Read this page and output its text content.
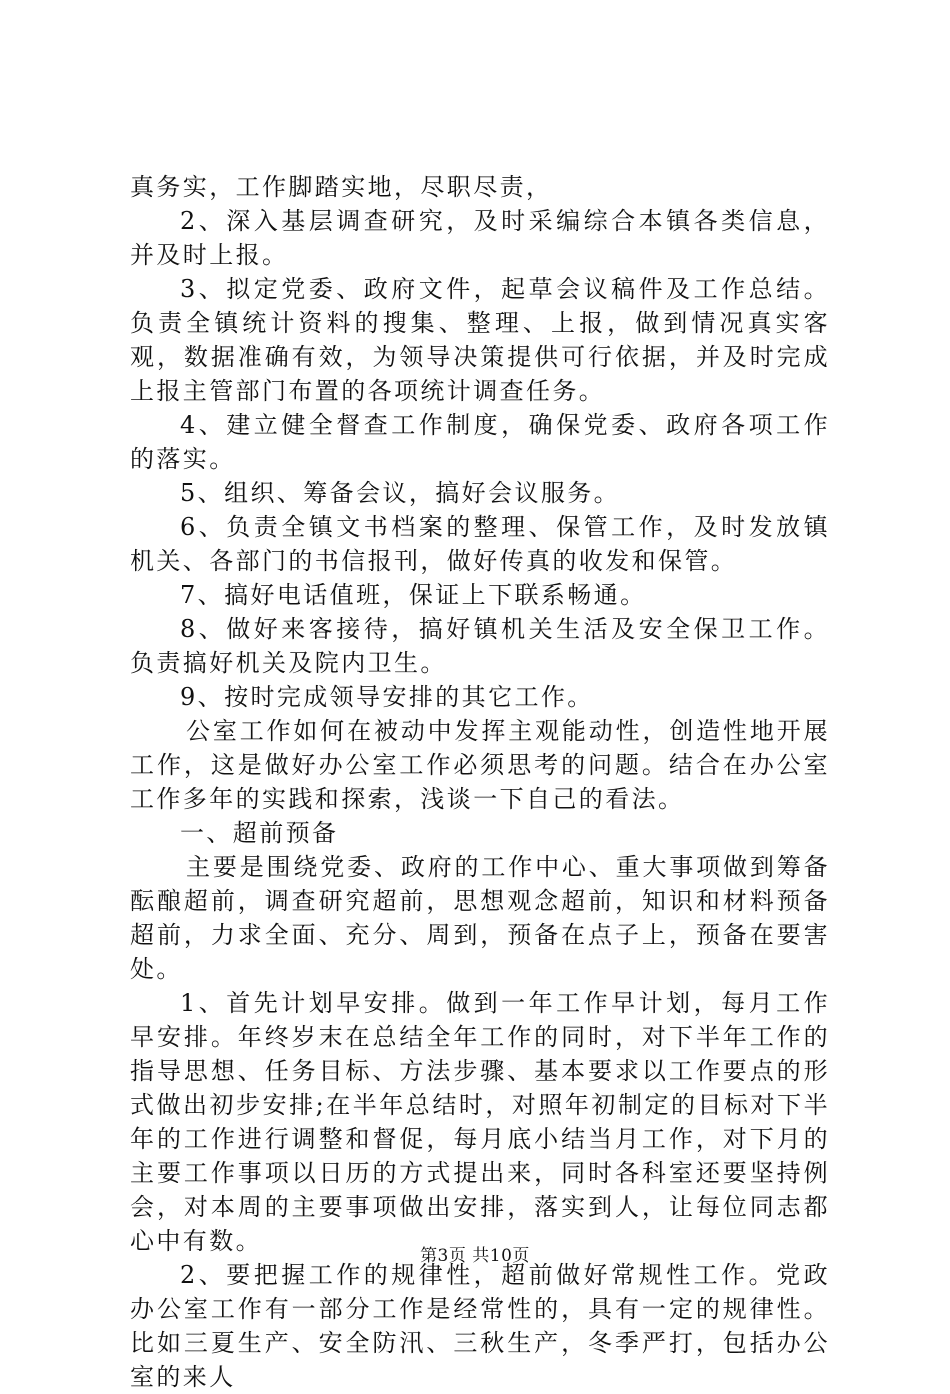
真务实，工作脚踏实地，尽职尽责，

2、深入基层调查研究，及时采编综合本镇各类信息，并及时上报。

3、拟定党委、政府文件，起草会议稿件及工作总结。负责全镇统计资料的搜集、整理、上报，做到情况真实客观，数据准确有效，为领导决策提供可行依据，并及时完成上报主管部门布置的各项统计调查任务。

4、建立健全督查工作制度，确保党委、政府各项工作的落实。

5、组织、筹备会议，搞好会议服务。

6、负责全镇文书档案的整理、保管工作，及时发放镇机关、各部门的书信报刊，做好传真的收发和保管。

7、搞好电话值班，保证上下联系畅通。

8、做好来客接待，搞好镇机关生活及安全保卫工作。负责搞好机关及院内卫生。

9、按时完成领导安排的其它工作。

公室工作如何在被动中发挥主观能动性，创造性地开展工作，这是做好办公室工作必须思考的问题。结合在办公室工作多年的实践和探索，浅谈一下自己的看法。

一、超前预备

主要是围绕党委、政府的工作中心、重大事项做到筹备酝酿超前，调查研究超前，思想观念超前，知识和材料预备超前，力求全面、充分、周到，预备在点子上，预备在要害处。

1、首先计划早安排。做到一年工作早计划，每月工作早安排。年终岁末在总结全年工作的同时，对下半年工作的指导思想、任务目标、方法步骤、基本要求以工作要点的形式做出初步安排;在半年总结时，对照年初制定的目标对下半年的工作进行调整和督促，每月底小结当月工作，对下月的主要工作事项以日历的方式提出来，同时各科室还要坚持例会，对本周的主要事项做出安排，落实到人，让每位同志都心中有数。

2、要把握工作的规律性，超前做好常规性工作。党政办公室工作有一部分工作是经常性的，具有一定的规律性。比如三夏生产、安全防汛、三秋生产，冬季严打，包括办公室的来人

第3页 共10页
